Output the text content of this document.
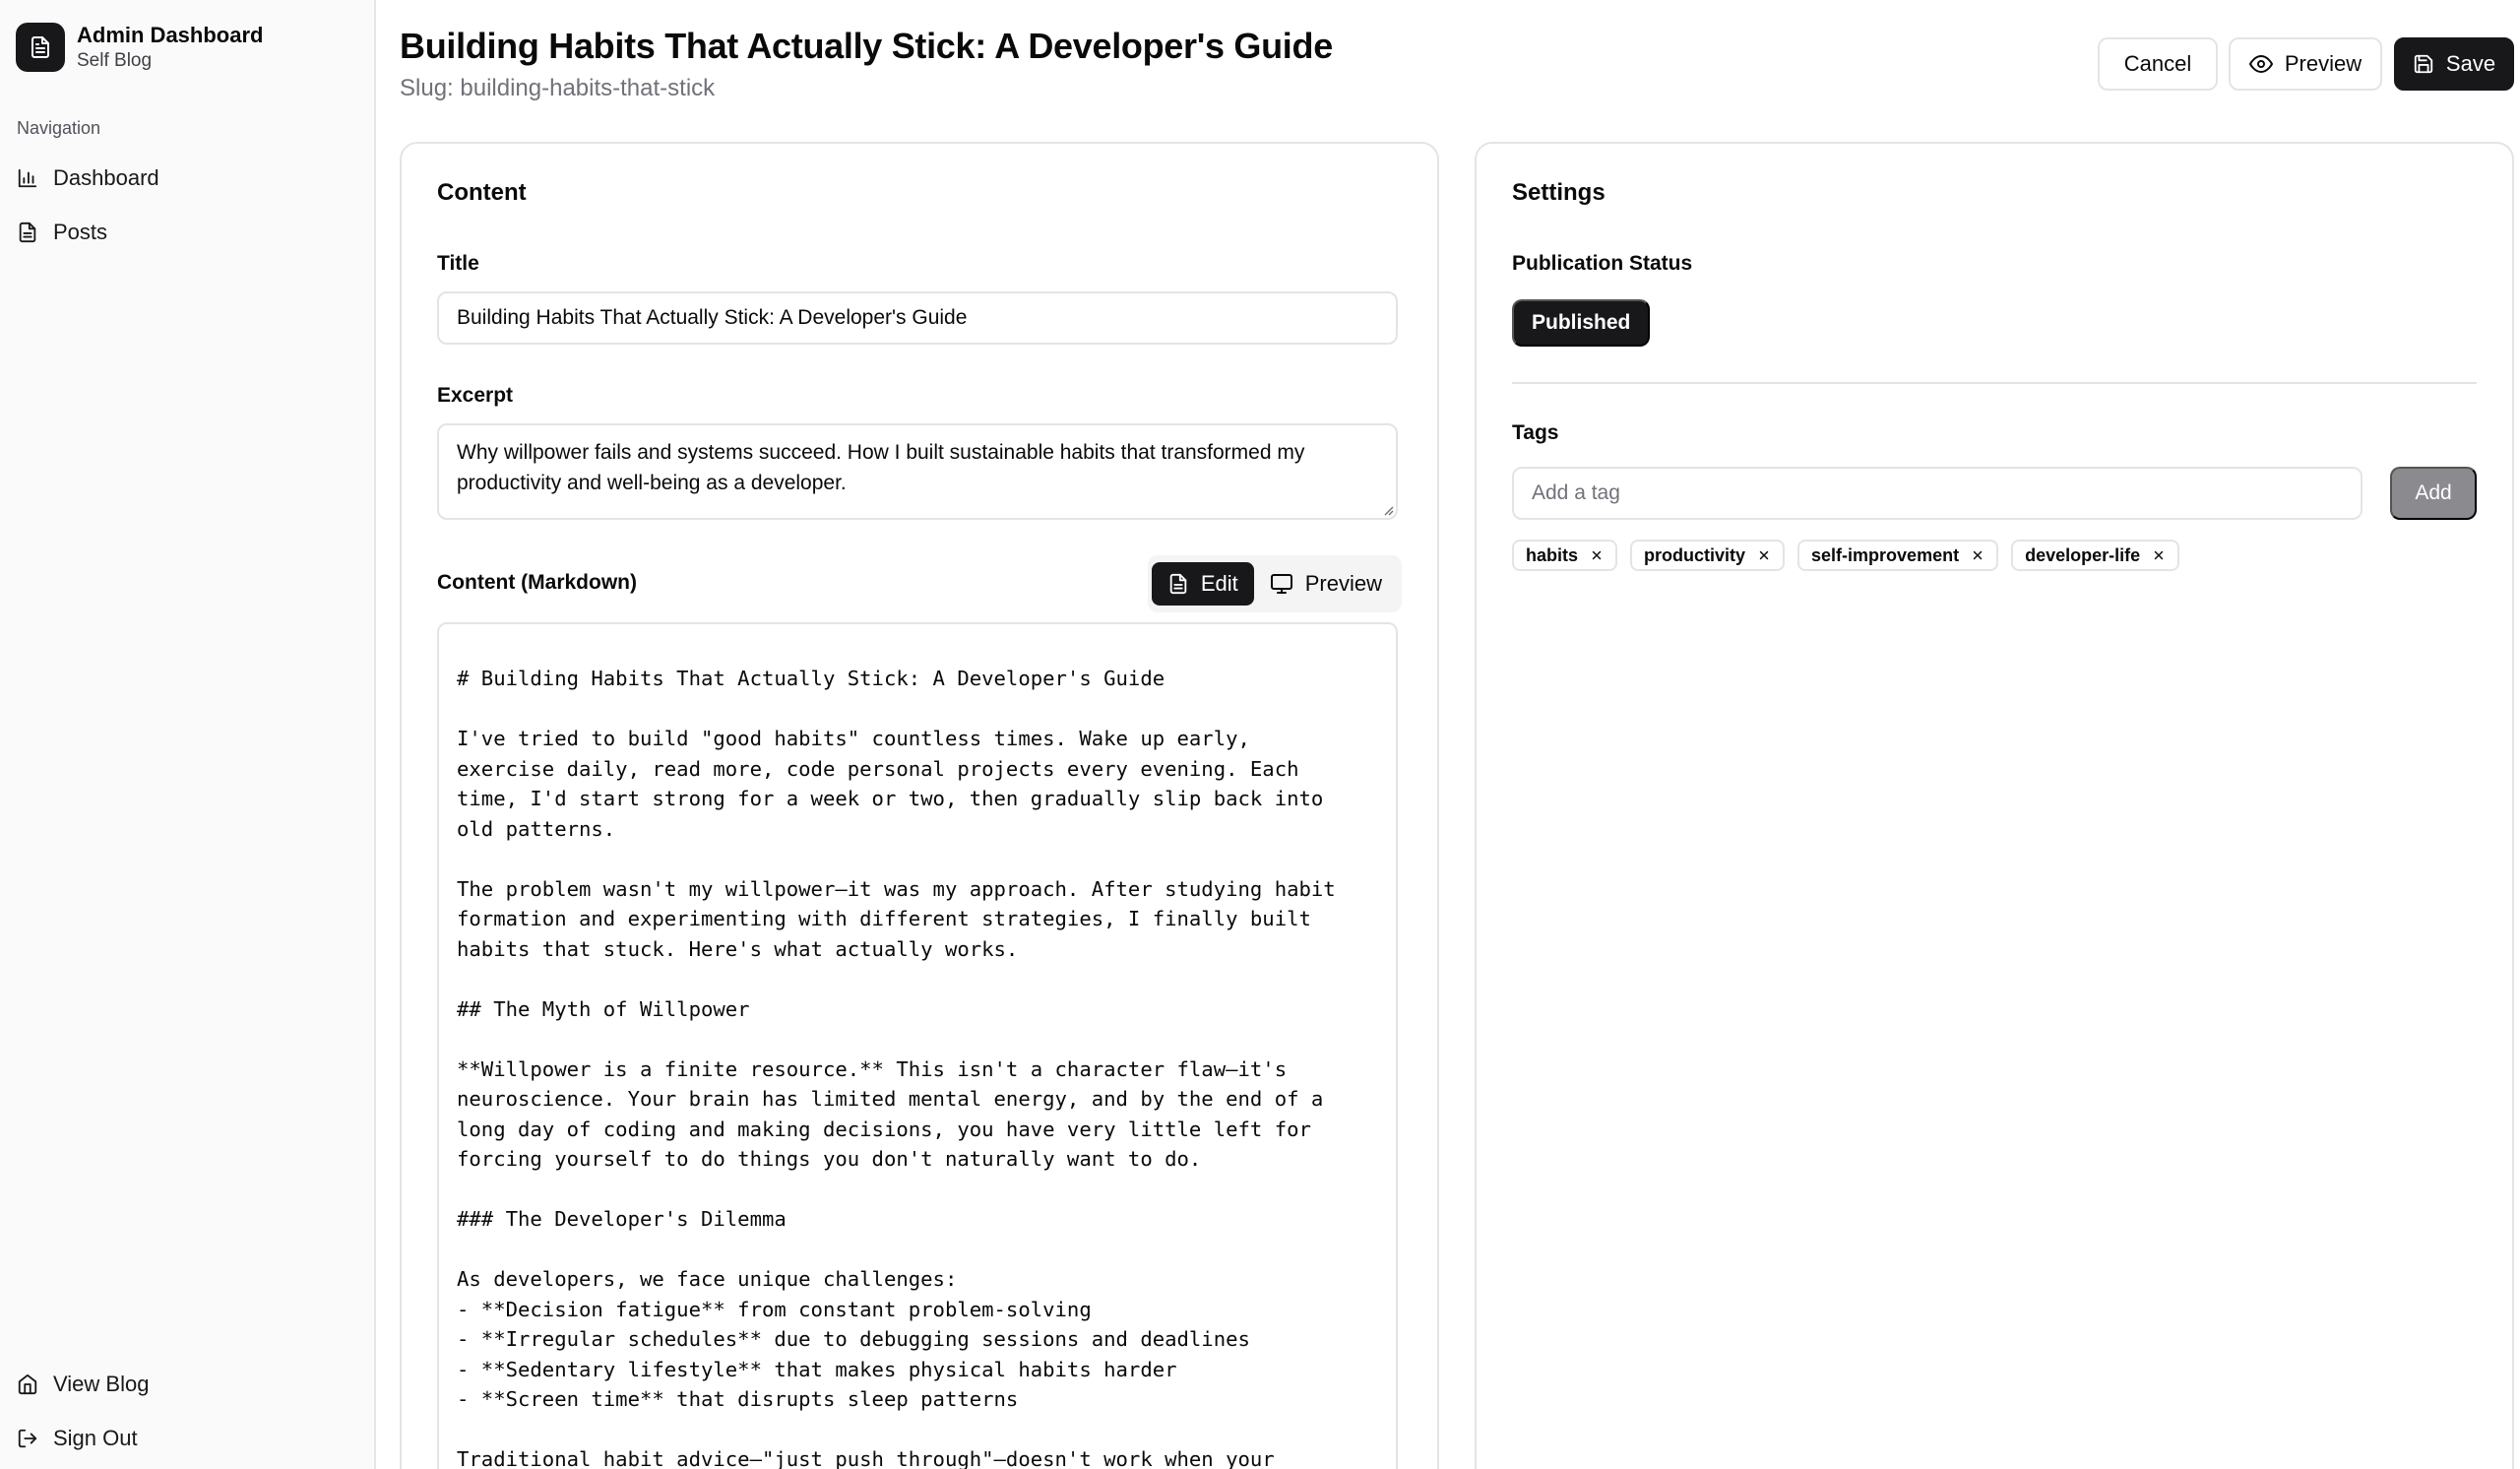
Admin Dashboard
Self Blog
Navigation
Dashboard
Posts
View Blog
Sign Out
Building Habits That Actually Stick: A Developer's Guide
Slug: building-habits-that-stick
Cancel	Preview	Save
Content
Title
Building Habits That Actually Stick: A Developer's Guide
Excerpt
Why willpower fails and systems succeed. How I built sustainable habits that transformed my productivity and well-being as a developer.
Content (Markdown)	Edit	Preview
# Building Habits That Actually Stick: A Developer's Guide
I've tried to build "good habits" countless times. Wake up early,
exercise daily, read more, code personal projects every evening. Each
time, I'd start strong for a week or two, then gradually slip back into
old patterns.
The problem wasn't my willpower—it was my approach. After studying habit
formation and experimenting with different strategies, I finally built
habits that stuck. Here's what actually works.
## The Myth of Willpower
**Willpower is a finite resource.** This isn't a character flaw—it's
neuroscience. Your brain has limited mental energy, and by the end of a
long day of coding and making decisions, you have very little left for
forcing yourself to do things you don't naturally want to do.
### The Developer's Dilemma
As developers, we face unique challenges:
- **Decision fatigue** from constant problem-solving
- **Irregular schedules** due to debugging sessions and deadlines
- **Sedentary lifestyle** that makes physical habits harder
- **Screen time** that disrupts sleep patterns
Traditional habit advice—"just push through"—doesn't work when your
Settings
Publication Status
Published
Tags
Add a tag	Add
habits	productivity	self-improvement	developer-life
